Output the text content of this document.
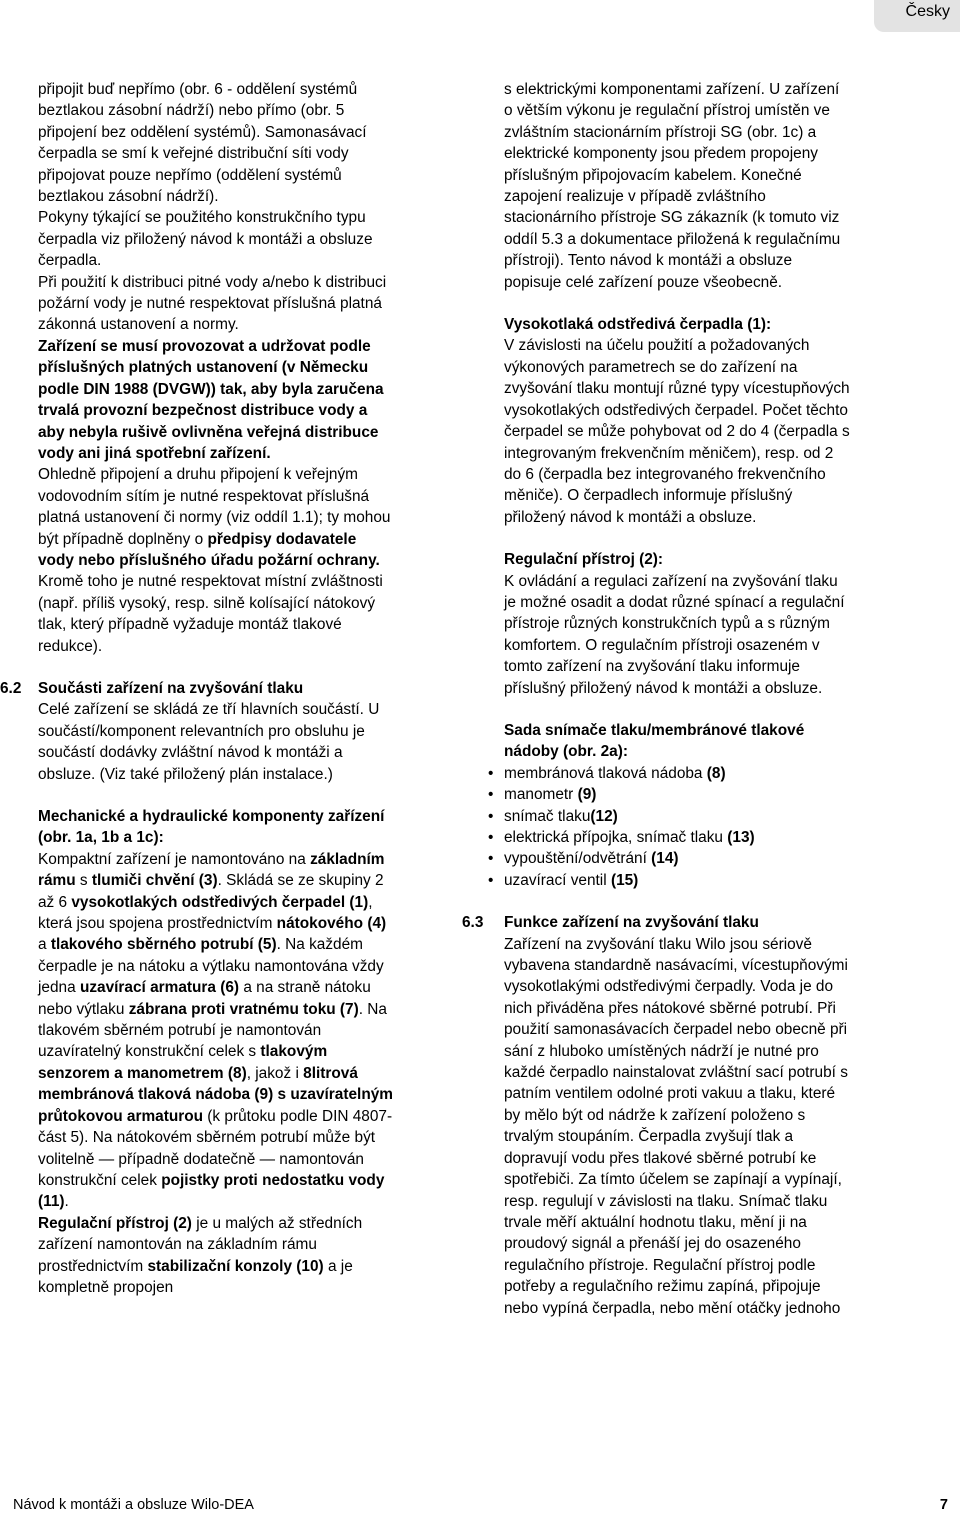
Česky

připojit buď nepřímo (obr. 6 - oddělení systémů beztlakou zásobní nádrží) nebo přímo (obr. 5 připojení bez oddělení systémů). Samonasávací čerpadla se smí k veřejné distribuční síti vody připojovat pouze nepřímo (oddělení systémů beztlakou zásobní nádrží).

Pokyny týkající se použitého konstrukčního typu čerpadla viz přiložený návod k montáži a obsluze čerpadla.

Při použití k distribuci pitné vody a/nebo k distribuci požární vody je nutné respektovat příslušná platná zákonná ustanovení a normy.

Zařízení se musí provozovat a udržovat podle příslušných platných ustanovení (v Německu podle DIN 1988 (DVGW)) tak, aby byla zaručena trvalá provozní bezpečnost distribuce vody a aby nebyla rušivě ovlivněna veřejná distribuce vody ani jiná spotřební zařízení.

Ohledně připojení a druhu připojení k veřejným vodovodním sítím je nutné respektovat příslušná platná ustanovení či normy (viz oddíl 1.1); ty mohou být případně doplněny o předpisy dodavatele vody nebo příslušného úřadu požární ochrany. Kromě toho je nutné respektovat místní zvláštnosti (např. příliš vysoký, resp. silně kolísající nátokový tlak, který případně vyžaduje montáž tlakové redukce).

6.2 Součásti zařízení na zvyšování tlaku

Celé zařízení se skládá ze tří hlavních součástí. U součástí/komponent relevantních pro obsluhu je součástí dodávky zvláštní návod k montáži a obsluze. (Viz také přiložený plán instalace.)

Mechanické a hydraulické komponenty zařízení (obr. 1a, 1b a 1c):

Kompaktní zařízení je namontováno na základním rámu s tlumiči chvění (3). Skládá se ze skupiny 2 až 6 vysokotlakých odstředivých čerpadel (1), která jsou spojena prostřednictvím nátokového (4) a tlakového sběrného potrubí (5). Na každém čerpadle je na nátoku a výtlaku namontována vždy jedna uzavírací armatura (6) a na straně nátoku nebo výtlaku zábrana proti vratnému toku (7). Na tlakovém sběrném potrubí je namontován uzavíratelný konstrukční celek s tlakovým senzorem a manometrem (8), jakož i 8litrová membránová tlaková nádoba (9) s uzavíratelným průtokovou armaturou (k průtoku podle DIN 4807-část 5). Na nátokovém sběrném potrubí může být volitelně — případně dodatečně — namontován konstrukční celek pojistky proti nedostatku vody (11).

Regulační přístroj (2) je u malých až středních zařízení namontován na základním rámu prostřednictvím stabilizační konzoly (10) a je kompletně propojen

s elektrickými komponentami zařízení. U zařízení o větším výkonu je regulační přístroj umístěn ve zvláštním stacionárním přístroji SG (obr. 1c) a elektrické komponenty jsou předem propojeny příslušným připojovacím kabelem. Konečné zapojení realizuje v případě zvláštního stacionárního přístroje SG zákazník (k tomuto viz oddíl 5.3 a dokumentace přiložená k regulačnímu přístroji). Tento návod k montáži a obsluze popisuje celé zařízení pouze všeobecně.

Vysokotlaká odstředivá čerpadla (1):

V závislosti na účelu použití a požadovaných výkonových parametrech se do zařízení na zvyšování tlaku montují různé typy vícestupňových vysokotlakých odstředivých čerpadel. Počet těchto čerpadel se může pohybovat od 2 do 4 (čerpadla s integrovaným frekvenčním měničem), resp. od 2 do 6 (čerpadla bez integrovaného frekvenčního měniče). O čerpadlech informuje příslušný přiložený návod k montáži a obsluze.

Regulační přístroj (2):

K ovládání a regulaci zařízení na zvyšování tlaku je možné osadit a dodat různé spínací a regulační přístroje různých konstrukčních typů a s různým komfortem. O regulačním přístroji osazeném v tomto zařízení na zvyšování tlaku informuje příslušný přiložený návod k montáži a obsluze.

Sada snímače tlaku/membránové tlakové nádoby (obr. 2a):

• membránová tlaková nádoba (8)
• manometr (9)
• snímač tlaku(12)
• elektrická přípojka, snímač tlaku (13)
• vypouštění/odvětrání (14)
• uzavírací ventil (15)
6.3 Funkce zařízení na zvyšování tlaku

Zařízení na zvyšování tlaku Wilo jsou sériově vybavena standardně nasávacími, vícestupňovými vysokotlakými odstředivými čerpadly. Voda je do nich přiváděna přes nátokové sběrné potrubí. Při použití samonasávacích čerpadel nebo obecně při sání z hluboko umístěných nádrží je nutné pro každé čerpadlo nainstalovat zvláštní sací potrubí s patním ventilem odolné proti vakuu a tlaku, které by mělo být od nádrže k zařízení položeno s trvalým stoupáním. Čerpadla zvyšují tlak a dopravují vodu přes tlakové sběrné potrubí ke spotřebiči. Za tímto účelem se zapínají a vypínají, resp. regulují v závislosti na tlaku. Snímač tlaku trvale měří aktuální hodnotu tlaku, mění ji na proudový signál a přenáší jej do osazeného regulačního přístroje. Regulační přístroj podle potřeby a regulačního režimu zapíná, připojuje nebo vypíná čerpadla, nebo mění otáčky jednoho

Návod k montáži a obsluze Wilo-DEA	7
